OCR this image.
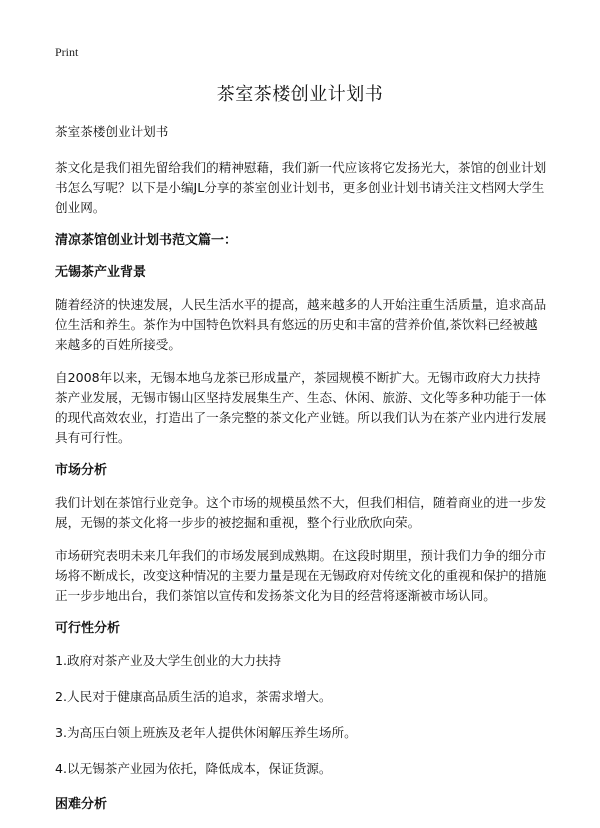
Print
茶室茶楼创业计划书

茶室茶楼创业计划书

茶文化是我们祖先留给我们的精神慰藉，我们新一代应该将它发扬光大，茶馆的创业计划书怎么写呢？以下是小编JL分享的茶室创业计划书，更多创业计划书请关注文档网大学生创业网。

清凉茶馆创业计划书范文篇一：
无锡茶产业背景

随着经济的快速发展，人民生活水平的提高，越来越多的人开始注重生活质量，追求高品位生活和养生。茶作为中国特色饮料具有悠远的历史和丰富的营养价值,茶饮料已经被越来越多的百姓所接受。

自2008年以来，无锡本地乌龙茶已形成量产，茶园规模不断扩大。无锡市政府大力扶持茶产业发展，无锡市锡山区坚持发展集生产、生态、休闲、旅游、文化等多种功能于一体的现代高效农业，打造出了一条完整的茶文化产业链。所以我们认为在茶产业内进行发展具有可行性。

市场分析

我们计划在茶馆行业竞争。这个市场的规模虽然不大，但我们相信，随着商业的进一步发展，无锡的茶文化将一步步的被挖掘和重视，整个行业欣欣向荣。

市场研究表明未来几年我们的市场发展到成熟期。在这段时期里，预计我们力争的细分市场将不断成长，改变这种情况的主要力量是现在无锡政府对传统文化的重视和保护的措施正一步步地出台，我们茶馆以宣传和发扬茶文化为目的经营将逐渐被市场认同。

可行性分析

1.政府对茶产业及大学生创业的大力扶持

2.人民对于健康高品质生活的追求，茶需求增大。

3.为高压白领上班族及老年人提供休闲解压养生场所。

4.以无锡茶产业园为依托，降低成本，保证货源。

困难分析
